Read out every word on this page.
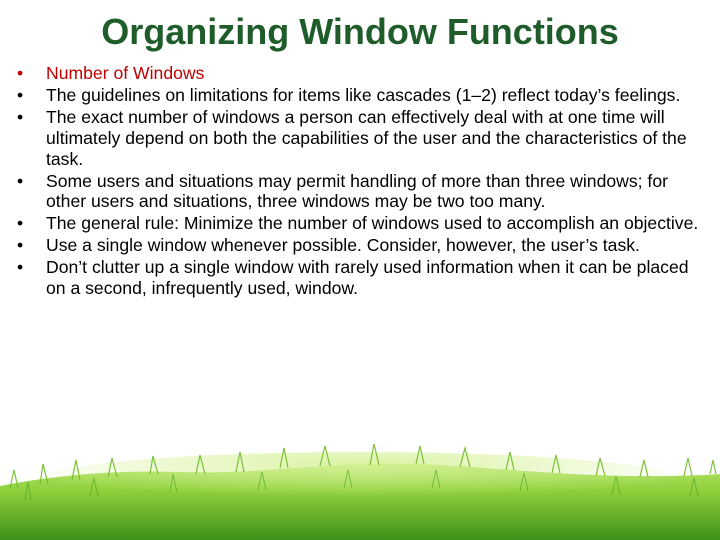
Organizing Window Functions
•	Number of Windows
•	The guidelines on limitations for items like cascades (1–2) reflect today’s feelings.
•	The exact number of windows a person can effectively deal with at one time will ultimately depend on both the capabilities of the user and the characteristics of the task.
•	Some users and situations may permit handling of more than three windows; for other users and situations, three windows may be two too many.
•	The general rule: Minimize the number of windows used to accomplish an objective.
•	Use a single window whenever possible. Consider, however, the user’s task.
•	Don’t clutter up a single window with rarely used information when it can be placed on a second, infrequently used, window.
